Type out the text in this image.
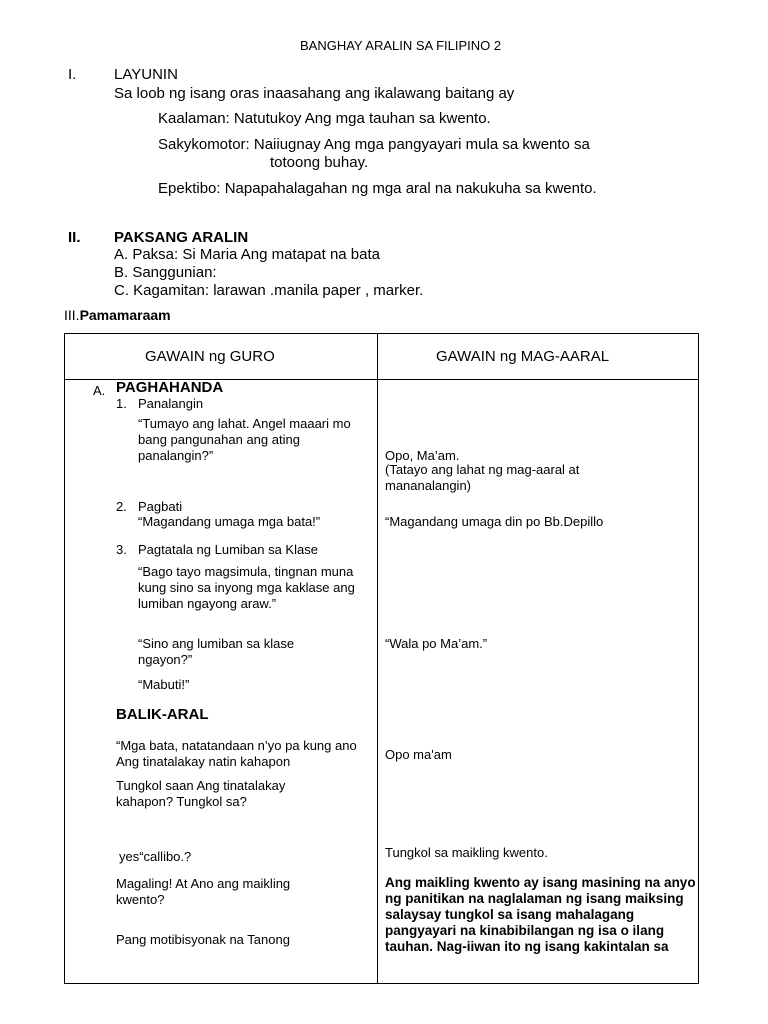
BANGHAY ARALIN SA FILIPINO 2
I.	LAYUNIN
Sa loob ng isang oras inaasahang ang ikalawang baitang ay
Kaalaman: Natutukoy Ang mga tauhan sa kwento.
Sakykomotor: Naiiugnay Ang mga pangyayari mula sa kwento sa
totoong buhay.
Epektibo: Napapahalagahan ng mga aral na nakukuha sa kwento.
II. PAKSANG ARALIN
A. Paksa: Si Maria Ang matapat na bata
B. Sanggunian:
C. Kagamitan: larawan .manila paper , marker.
III.Pamamaraam
GAWAIN ng GURO	GAWAIN ng MAG-AARAL
A. PAGHAHANDA
1. Panalangin
“Tumayo ang lahat. Angel maaari mo bang pangunahan ang ating panalangin?”
2. Pagbati
“Magandang umaga mga bata!”
3. Pagtatala ng Lumiban sa Klase
“Bago tayo magsimula, tingnan muna kung sino sa inyong mga kaklase ang lumiban ngayong araw.”
“Sino ang lumiban sa klase ngayon?”
“Mabuti!”
BALIK-ARAL
“Mga bata, natatandaan n’yo pa kung ano Ang tinatalakay natin kahapon
Tungkol saan Ang tinatalakay kahapon? Tungkol sa?
yes“callibo.?
Magaling! At Ano ang maikling kwento?
Pang motibisyonak na Tanong
Opo, Ma’am.
(Tatayo ang lahat ng mag-aaral at mananalangin)
“Magandang umaga din po Bb.Depillo
“Wala po Ma’am.”
Opo ma'am
Tungkol sa maikling kwento.
Ang maikling kwento ay isang masining na anyo ng panitikan na naglalaman ng isang maiksing salaysay tungkol sa isang mahalagang pangyayari na kinabibilangan ng isa o ilang tauhan. Nag-iiwan ito ng isang kakintalan sa
